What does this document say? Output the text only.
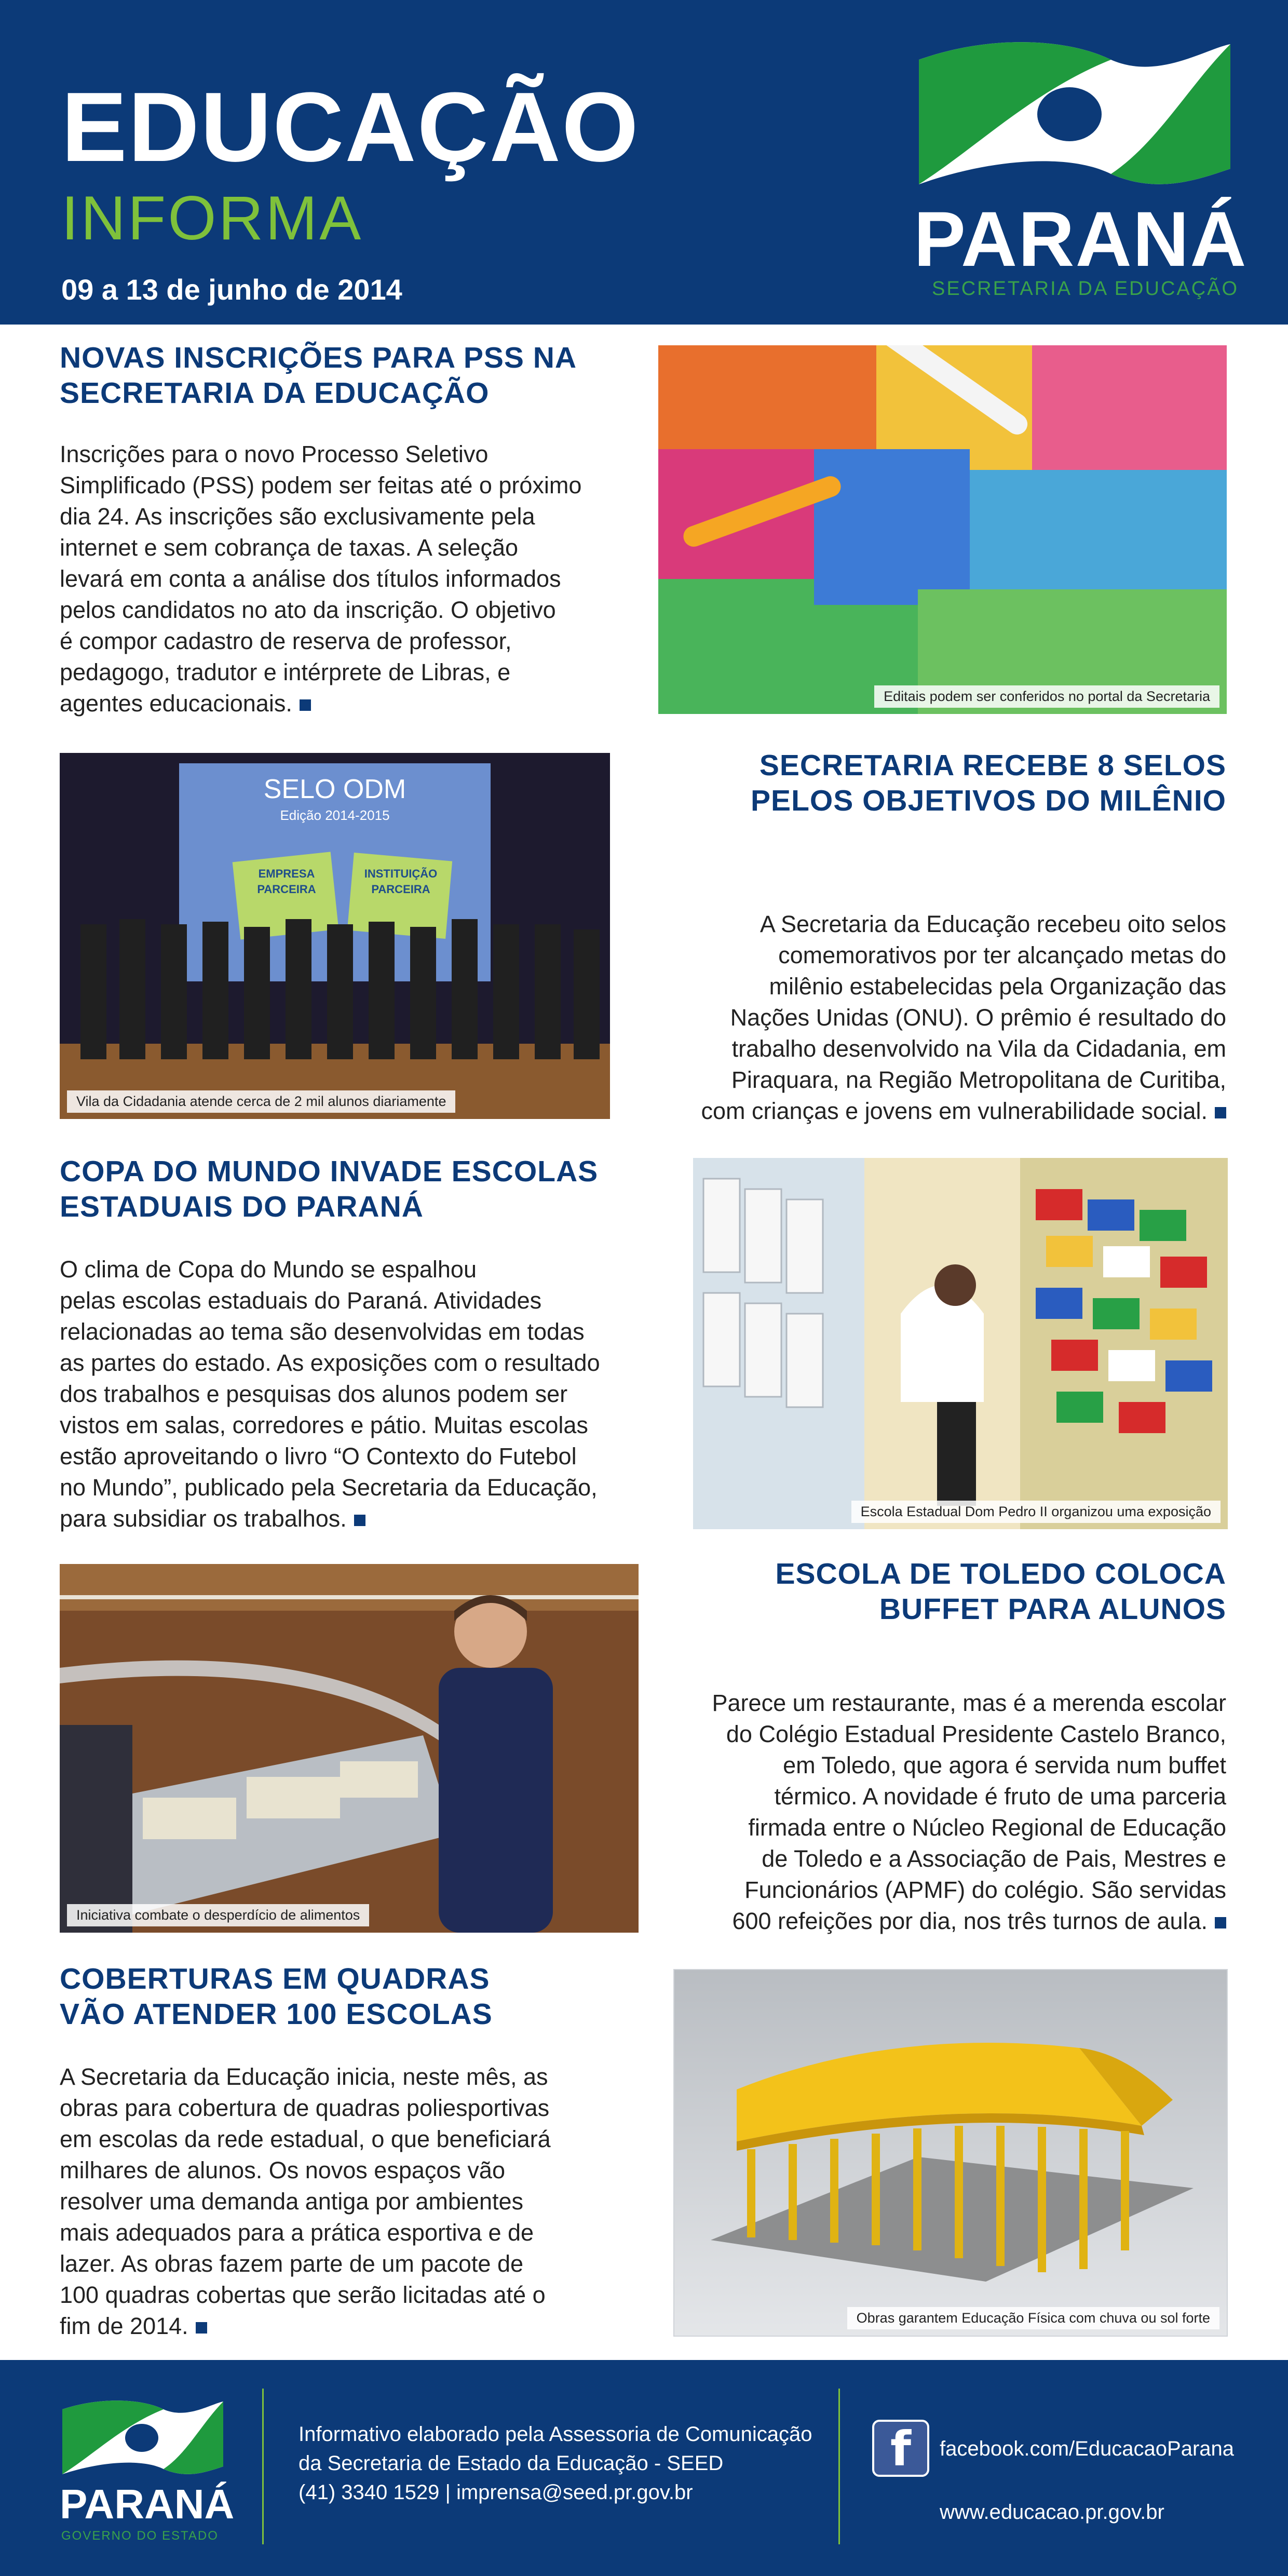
EDUCAÇÃO
INFORMA
09 a 13 de junho de 2014
PARANÁ
SECRETARIA DA EDUCAÇÃO
NOVAS INSCRIÇÕES PARA PSS NA
SECRETARIA DA EDUCAÇÃO
Inscrições para o novo Processo Seletivo
Simplificado (PSS) podem ser feitas até o próximo
dia 24. As inscrições são exclusivamente pela
internet e sem cobrança de taxas. A seleção
levará em conta a análise dos títulos informados
pelos candidatos no ato da inscrição. O objetivo
é compor cadastro de reserva de professor,
pedagogo, tradutor e intérprete de Libras, e
agentes educacionais.	Editais podem ser conferidos no portal da Secretaria
SELO ODM
Edição 2014-2015
EMPRESA
PARCEIRA
INSTITUIÇÃO
PARCEIRA
Vila da Cidadania atende cerca de 2 mil alunos diariamente
SECRETARIA RECEBE 8 SELOS
PELOS OBJETIVOS DO MILÊNIO
A Secretaria da Educação recebeu oito selos
comemorativos por ter alcançado metas do
milênio estabelecidas pela Organização das
Nações Unidas (ONU). O prêmio é resultado do
trabalho desenvolvido na Vila da Cidadania, em
Piraquara, na Região Metropolitana de Curitiba,
com crianças e jovens em vulnerabilidade social.
COPA DO MUNDO INVADE ESCOLAS
ESTADUAIS DO PARANÁ
O clima de Copa do Mundo se espalhou
pelas escolas estaduais do Paraná. Atividades
relacionadas ao tema são desenvolvidas em todas
as partes do estado. As exposições com o resultado
dos trabalhos e pesquisas dos alunos podem ser
vistos em salas, corredores e pátio. Muitas escolas
estão aproveitando o livro “O Contexto do Futebol
no Mundo”, publicado pela Secretaria da Educação,
para subsidiar os trabalhos.	Escola Estadual Dom Pedro II organizou uma exposição
Iniciativa combate o desperdício de alimentos
ESCOLA DE TOLEDO COLOCA
BUFFET PARA ALUNOS
Parece um restaurante, mas é a merenda escolar
do Colégio Estadual Presidente Castelo Branco,
em Toledo, que agora é servida num buffet
térmico. A novidade é fruto de uma parceria
firmada entre o Núcleo Regional de Educação
de Toledo e a Associação de Pais, Mestres e
Funcionários (APMF) do colégio. São servidas
600 refeições por dia, nos três turnos de aula.
COBERTURAS EM QUADRAS
VÃO ATENDER 100 ESCOLAS
A Secretaria da Educação inicia, neste mês, as
obras para cobertura de quadras poliesportivas
em escolas da rede estadual, o que beneficiará
milhares de alunos. Os novos espaços vão
resolver uma demanda antiga por ambientes
mais adequados para a prática esportiva e de
lazer. As obras fazem parte de um pacote de
100 quadras cobertas que serão licitadas até o
fim de 2014.	Obras garantem Educação Física com chuva ou sol forte
PARANÁ
GOVERNO DO ESTADO
Informativo elaborado pela Assessoria de Comunicação
da Secretaria de Estado da Educação - SEED
(41) 3340 1529 | imprensa@seed.pr.gov.br
f	facebook.com/EducacaoParana
www.educacao.pr.gov.br
